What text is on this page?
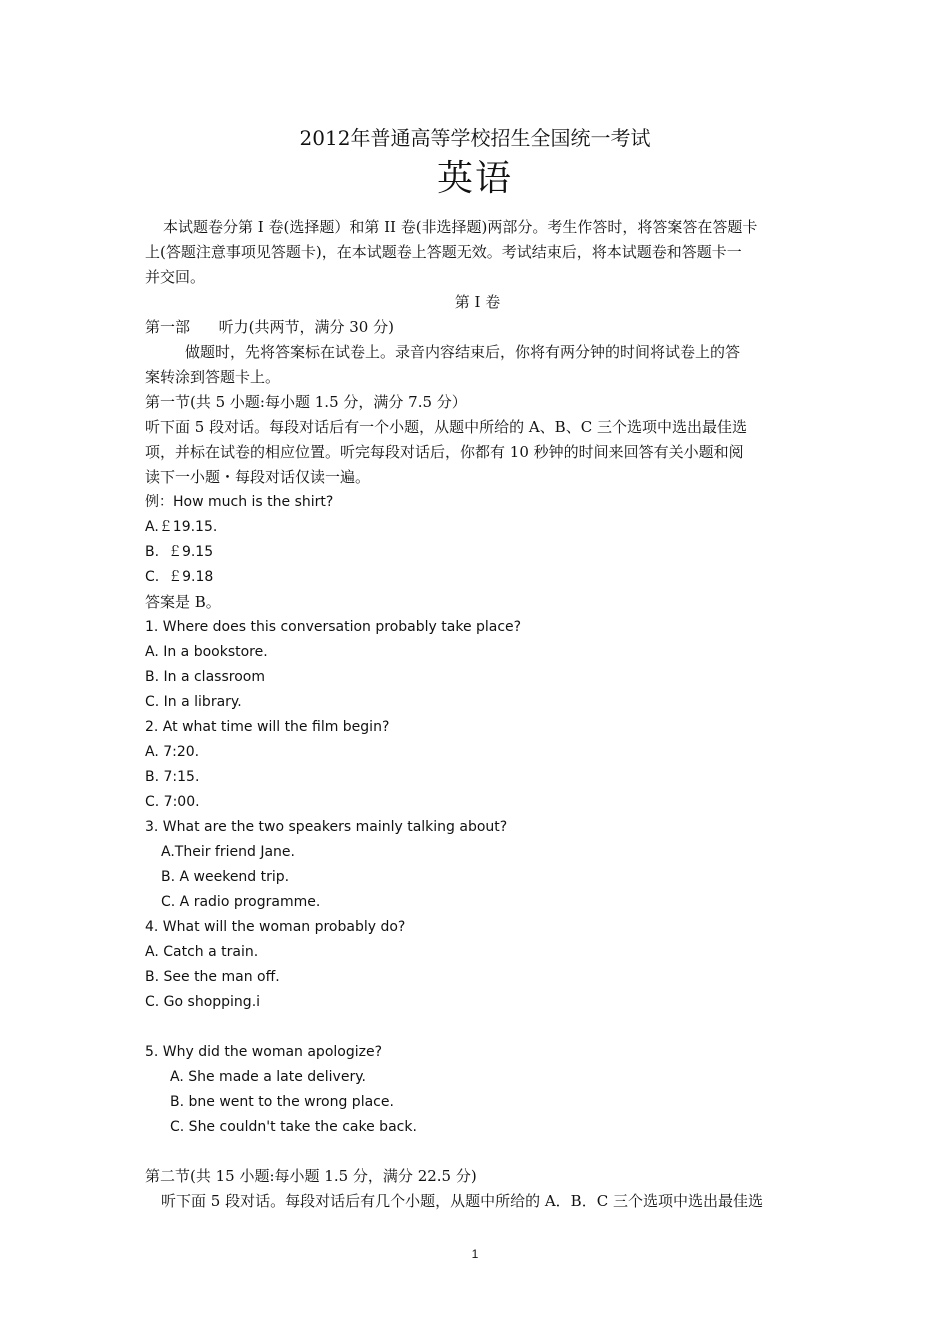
2012年普通高等学校招生全国统一考试
英语
本试题卷分第 I 卷(选择题）和第 II 卷(非选择题)两部分。考生作答时，将答案答在答题卡
上(答题注意事项见答题卡)，在本试题卷上答题无效。考试结束后，将本试题卷和答题卡一
并交回。
第 I 卷
第一部      听力(共两节，满分 30 分)
做题时，先将答案标在试卷上。录音内容结束后，你将有两分钟的时间将试卷上的答
案转涂到答题卡上。
第一节(共 5 小题:每小题 1.5 分，满分 7.5 分）
听下面 5 段对话。每段对话后有一个小题，从题中所给的 A、B、C 三个选项中选出最佳选
项，并标在试卷的相应位置。听完每段对话后，你都有 10 秒钟的时间来回答有关小题和阅
读下一小题・每段对话仅读一遍。
例：How much is the shirt?
A.￡19.15.
B.  ￡9.15
C.  ￡9.18
答案是 B。
1. Where does this conversation probably take place?
A. In a bookstore.
B. In a classroom
C. In a library.
2. At what time will the film begin?
A. 7:20.
B. 7:15.
C. 7:00.
3. What are the two speakers mainly talking about?
A.Their friend Jane.
B. A weekend trip.
C. A radio programme.
4. What will the woman probably do?
A. Catch a train.
B. See the man off.
C. Go shopping.i
5. Why did the woman apologize?
A. She made a late delivery.
B. bne went to the wrong place.
C. She couldn't take the cake back.
第二节(共 15 小题:每小题 1.5 分，满分 22.5 分)
听下面 5 段对话。每段对话后有几个小题，从题中所给的 A．B．C 三个选项中选出最佳选
1
